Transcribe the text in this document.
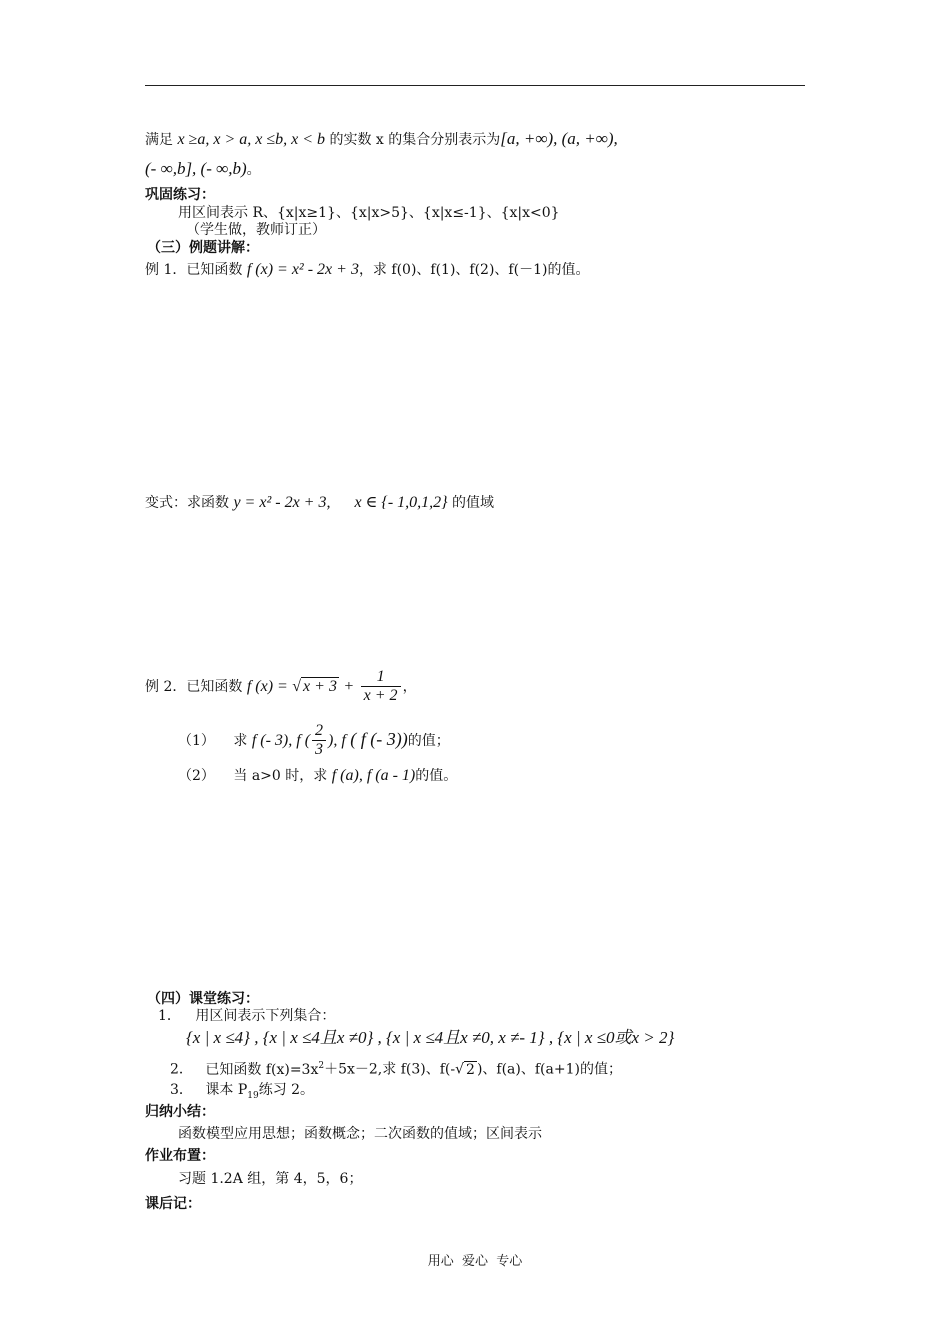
满足 x ≥a, x > a, x ≤b, x < b 的实数 x 的集合分别表示为[a, +∞), (a, +∞),
(- ∞,b], (- ∞,b)。
巩固练习：
用区间表示 R、{x|x≥1}、{x|x>5}、{x|x≤-1}、{x|x<0}
（学生做，教师订正）
（三）例题讲解：
例 1．已知函数 f (x) = x² - 2x + 3，求 f(0)、f(1)、f(2)、f(－1)的值。
变式：求函数 y = x² - 2x + 3,      x ∈ {- 1,0,1,2} 的值域
例 2．已知函数 f (x) = √ $x + 3 + \frac{1}{x + 2}$ ，
（1） 求 f (- 3), f ( $\frac{2}{3}$ ), f ( f (- 3))的值；
（2） 当 a>0 时，求 f (a), f (a - 1)的值。
（四）课堂练习：
1． 用区间表示下列集合：
{x | x ≤4} , {x | x ≤4且x ≠0} , {x | x ≤4且x ≠0, x ≠- 1} , {x | x ≤0或x > 2}
2． 已知函数 $f(x)=3x^2+5x-2$,求 f(3)、f(-√ 2 )、f(a)、f(a+1)的值；
3． 课本 $P_{19}$练习 2。
归纳小结：
函数模型应用思想；函数概念；二次函数的值域；区间表示
作业布置：
习题 1.2A 组，第 4，5，6；
课后记：
用心  爱心  专心
